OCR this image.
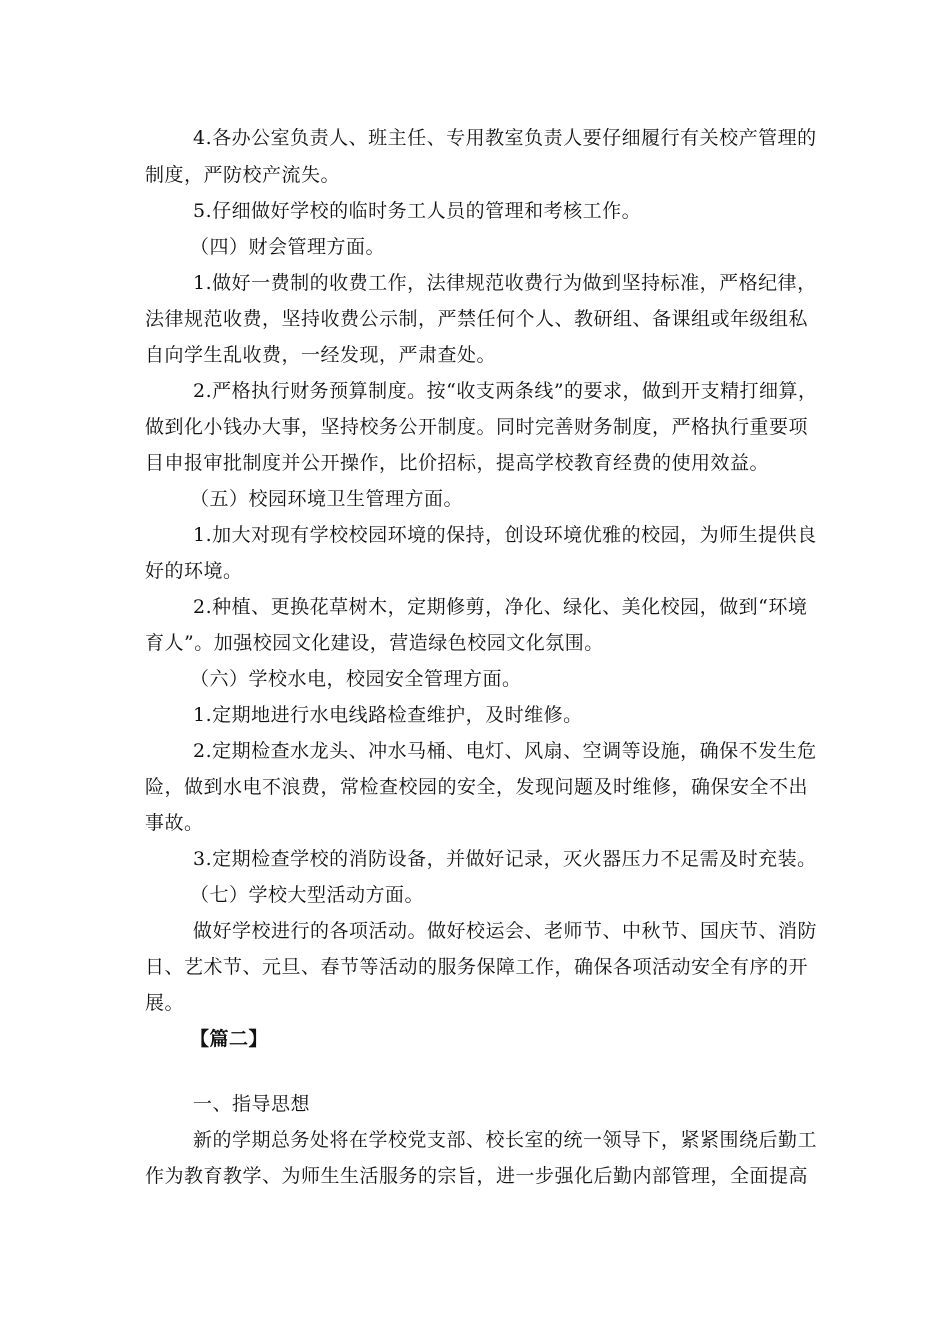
4.各办公室负责人、班主任、专用教室负责人要仔细履行有关校产管理的
制度，严防校产流失。
5.仔细做好学校的临时务工人员的管理和考核工作。
（四）财会管理方面。
1.做好一费制的收费工作，法律规范收费行为做到坚持标准，严格纪律，
法律规范收费，坚持收费公示制，严禁任何个人、教研组、备课组或年级组私
自向学生乱收费，一经发现，严肃查处。
2.严格执行财务预算制度。按“收支两条线”的要求，做到开支精打细算，
做到化小钱办大事，坚持校务公开制度。同时完善财务制度，严格执行重要项
目申报审批制度并公开操作，比价招标，提高学校教育经费的使用效益。
（五）校园环境卫生管理方面。
1.加大对现有学校校园环境的保持，创设环境优雅的校园，为师生提供良
好的环境。
2.种植、更换花草树木，定期修剪，净化、绿化、美化校园，做到“环境
育人”。加强校园文化建设，营造绿色校园文化氛围。
（六）学校水电，校园安全管理方面。
1.定期地进行水电线路检查维护，及时维修。
2.定期检查水龙头、冲水马桶、电灯、风扇、空调等设施，确保不发生危
险，做到水电不浪费，常检查校园的安全，发现问题及时维修，确保安全不出
事故。
3.定期检查学校的消防设备，并做好记录，灭火器压力不足需及时充装。
（七）学校大型活动方面。
做好学校进行的各项活动。做好校运会、老师节、中秋节、国庆节、消防
日、艺术节、元旦、春节等活动的服务保障工作，确保各项活动安全有序的开
展。
【篇二】
一、指导思想
新的学期总务处将在学校党支部、校长室的统一领导下，紧紧围绕后勤工
作为教育教学、为师生生活服务的宗旨，进一步强化后勤内部管理，全面提高
